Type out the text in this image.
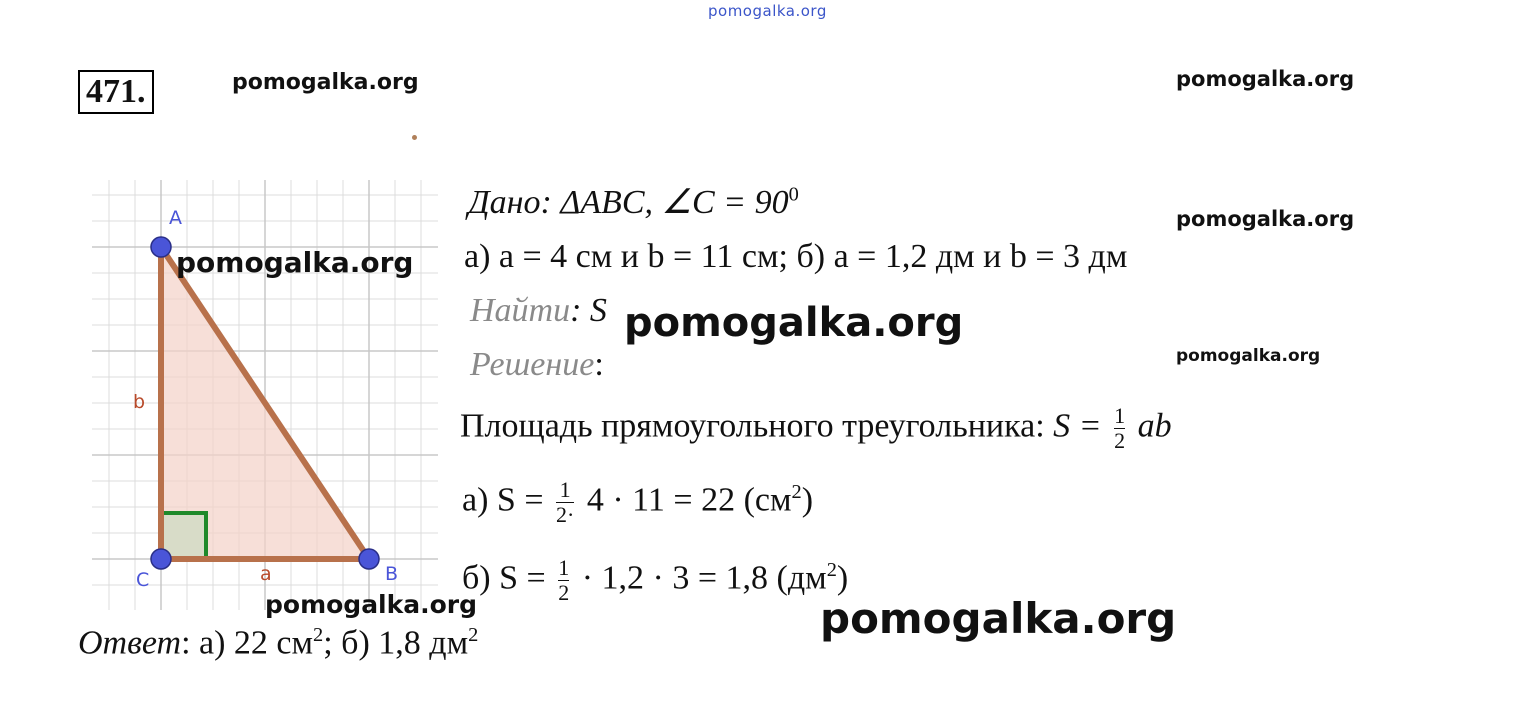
pomogalka.org
pomogalka.org	pomogalka.org
pomogalka.org
pomogalka.org
471.
A
C	B
b
a
pomogalka.org
pomogalka.org
Дано: ΔABC, ∠C = $90^0$
а) a = 4 см и b = 11 см; б) a = 1,2 дм и b = 3 дм
Найти: S pomogalka.org
Решение:
Площадь прямоугольного треугольника: $S = \frac{1}{2}$ ab
а) $S = \frac{1}{2\cdot} 4 \cdot 11 = 22$ $(см^2)$
б) $S = \frac{1}{2} \cdot 1,2 \cdot 3 = 1,8$ $(дм^2)$
pomogalka.org
Ответ: а) 22 $см^2$; б) 1,8 $дм^2$
